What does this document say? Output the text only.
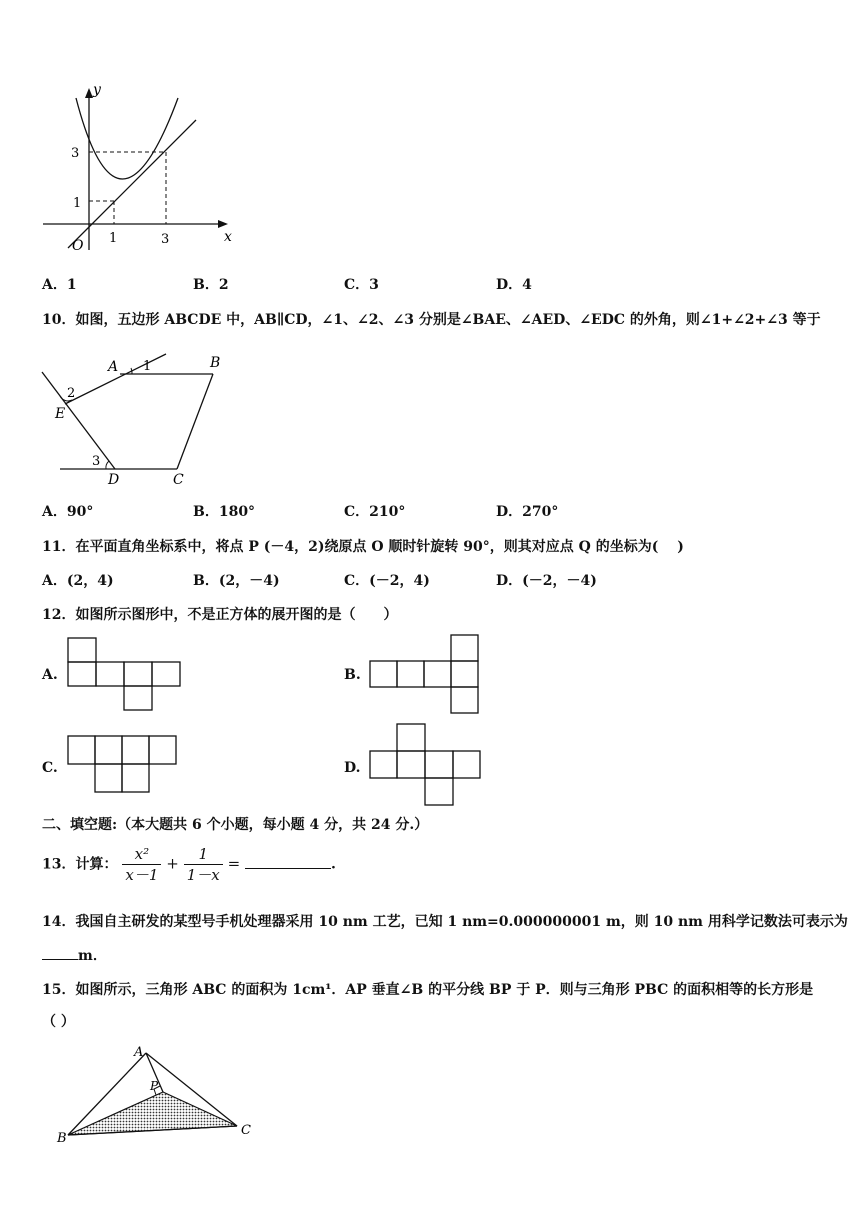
y
x
O 1	3
1
3
A．1	B．2	C．3	D．4
10．如图，五边形 ABCDE 中，AB∥CD，∠1、∠2、∠3 分别是∠BAE、∠AED、∠EDC 的外角，则∠1+∠2+∠3 等于
A	B
C
D
E
1
2
3
A．90°	B．180°	C．210°	D．270°
11．在平面直角坐标系中，将点 P (－4，2)绕原点 O 顺时针旋转 90°，则其对应点 Q 的坐标为(　 )
A．(2，4)	B．(2，－4)	C．(－2，4)	D．(－2，－4)
12．如图所示图形中，不是正方体的展开图的是（　　）
A.	B.
C.	D.
二、填空题:（本大题共 6 个小题，每小题 4 分，共 24 分.）
13．计算： $\frac{\text{x²}}{x-1} + \frac{1}{1-x}$ =	.
14．我国自主研发的某型号手机处理器采用 10 nm 工艺，已知 1 nm=0.000000001 m，则 10 nm 用科学记数法可表示为
m．
15．如图所示，三角形 ABC 的面积为 1cm¹．AP 垂直∠B 的平分线 BP 于 P．则与三角形 PBC 的面积相等的长方形是
（ ）
A
B
C
P
